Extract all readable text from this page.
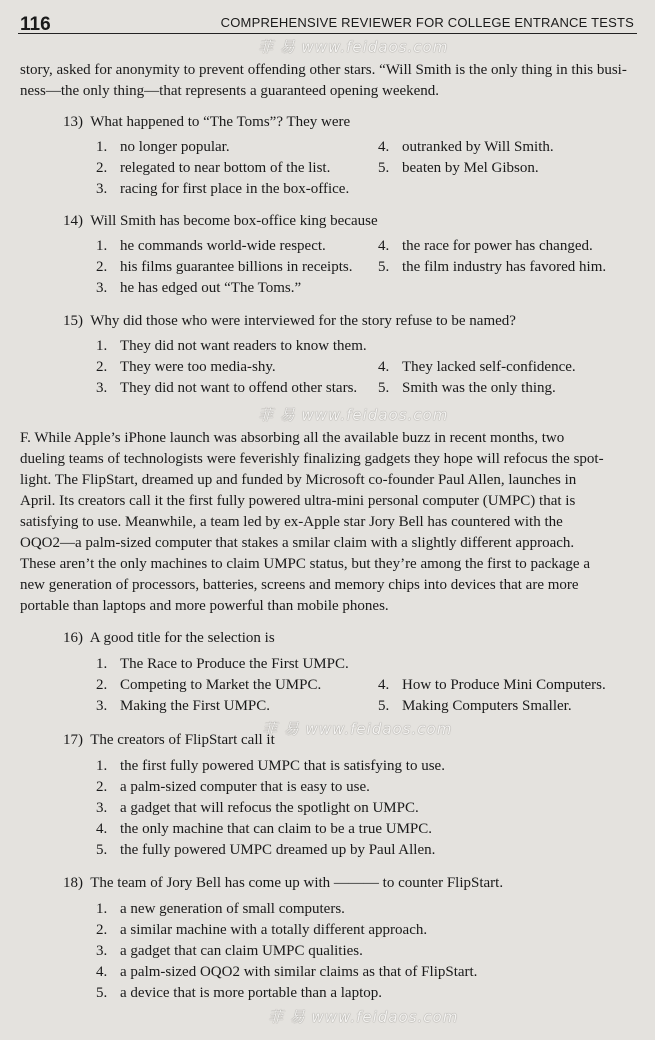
116	COMPREHENSIVE REVIEWER FOR COLLEGE ENTRANCE TESTS
菲 易 www.feidaos.com
菲 易 www.feidaos.com
菲 易 www.feidaos.com
菲 易 www.feidaos.com
story, asked for anonymity to prevent offending other stars. “Will Smith is the only thing in this busi-
ness—the only thing—that represents a guaranteed opening weekend.
13) What happened to “The Toms”? They were
1. no longer popular.	4. outranked by Will Smith.
2. relegated to near bottom of the list.	5. beaten by Mel Gibson.
3. racing for first place in the box-office.
14) Will Smith has become box-office king because
1. he commands world-wide respect.	4. the race for power has changed.
2. his films guarantee billions in receipts. 5. the film industry has favored him.
3. he has edged out “The Toms.”
15) Why did those who were interviewed for the story refuse to be named?
1. They did not want readers to know them.
2. They were too media-shy.	4. They lacked self-confidence.
3. They did not want to offend other stars. 5. Smith was the only thing.
F. While Apple’s iPhone launch was absorbing all the available buzz in recent months, two
dueling teams of technologists were feverishly finalizing gadgets they hope will refocus the spot-
light. The FlipStart, dreamed up and funded by Microsoft co-founder Paul Allen, launches in
April. Its creators call it the first fully powered ultra-mini personal computer (UMPC) that is
satisfying to use. Meanwhile, a team led by ex-Apple star Jory Bell has countered with the
OQO2—a palm-sized computer that stakes a smilar claim with a slightly different approach.
These aren’t the only machines to claim UMPC status, but they’re among the first to package a
new generation of processors, batteries, screens and memory chips into devices that are more
portable than laptops and more powerful than mobile phones.
16) A good title for the selection is
1. The Race to Produce the First UMPC.
2. Competing to Market the UMPC.	4. How to Produce Mini Computers.
3. Making the First UMPC.	5. Making Computers Smaller.
17) The creators of FlipStart call it
1. the first fully powered UMPC that is satisfying to use.
2. a palm-sized computer that is easy to use.
3. a gadget that will refocus the spotlight on UMPC.
4. the only machine that can claim to be a true UMPC.
5. the fully powered UMPC dreamed up by Paul Allen.
18) The team of Jory Bell has come up with ——— to counter FlipStart.
1. a new generation of small computers.
2. a similar machine with a totally different approach.
3. a gadget that can claim UMPC qualities.
4. a palm-sized OQO2 with similar claims as that of FlipStart.
5. a device that is more portable than a laptop.
